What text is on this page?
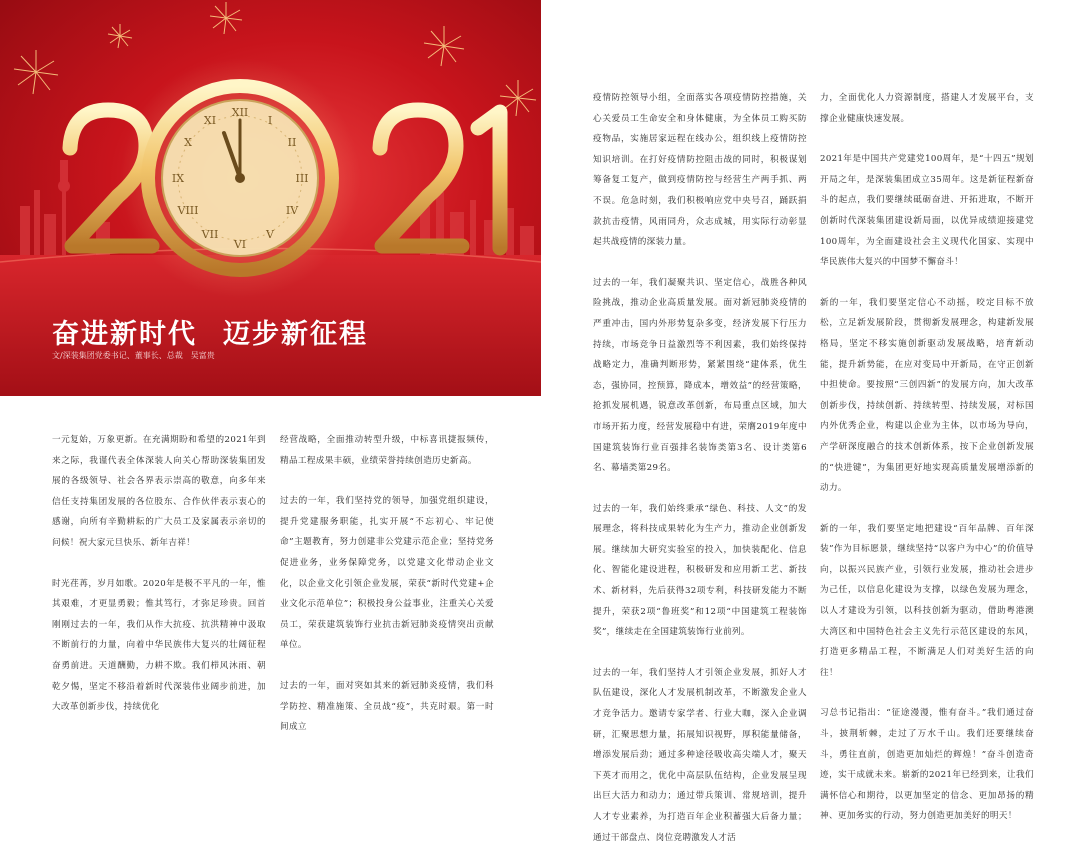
XII
I
II
III
IV
V
VI
VII
VIII
IX
X
XI
奋进新时代 迈步新征程
文/深装集团党委书记、董事长、总裁　吴富贵

一元复始，万象更新。在充满期盼和希望的2021年到来之际，我谨代表全体深装人向关心帮助深装集团发展的各级领导、社会各界表示崇高的敬意，向多年来信任支持集团发展的各位股东、合作伙伴表示衷心的感谢，向所有辛勤耕耘的广大员工及家属表示亲切的问候！祝大家元旦快乐、新年吉祥！

时光荏苒，岁月如歌。2020年是极不平凡的一年，惟其艰难，才更显勇毅；惟其笃行，才弥足珍贵。回首刚刚过去的一年，我们从作大抗疫、抗洪精神中汲取不断前行的力量，向着中华民族伟大复兴的壮阔征程奋勇前进。天道酬勤，力耕不欺。我们栉风沐雨、朝乾夕惕，坚定不移沿着新时代深装伟业阔步前进，加大改革创新步伐，持续优化

经营战略，全面推动转型升级，中标喜讯捷报频传，精品工程成果丰硕，业绩荣誉持续创造历史新高。

过去的一年，我们坚持党的领导，加强党组织建设，提升党建服务职能，扎实开展“不忘初心、牢记使命”主题教育，努力创建非公党建示范企业；坚持党务促进业务，业务保障党务，以党建文化带动企业文化，以企业文化引领企业发展，荣获“新时代党建+企业文化示范单位”；积极投身公益事业，注重关心关爱员工，荣获建筑装饰行业抗击新冠肺炎疫情突出贡献单位。

过去的一年，面对突如其来的新冠肺炎疫情，我们科学防控、精准施策、全员战“疫”，共克时艰。第一时间成立

疫情防控领导小组，全面落实各项疫情防控措施，关心关爱员工生命安全和身体健康，为全体员工购买防疫物品，实施居家远程在线办公，组织线上疫情防控知识培训。在打好疫情防控阻击战的同时，积极谋划筹备复工复产，做到疫情防控与经营生产两手抓、两不误。危急时刻，我们积极响应党中央号召，踊跃捐款抗击疫情，风雨同舟，众志成城，用实际行动彰显起共战疫情的深装力量。

过去的一年，我们凝聚共识、坚定信心，战胜各种风险挑战，推动企业高质量发展。面对新冠肺炎疫情的严重冲击，国内外形势复杂多变，经济发展下行压力持续，市场竞争日益激烈等不利因素，我们始终保持战略定力，准确判断形势，紧紧围绕“建体系，优生态，强协同，控预算，降成本，增效益”的经营策略，抢抓发展机遇，锐意改革创新，布局重点区域，加大市场开拓力度，经营发展稳中有进，荣膺2019年度中国建筑装饰行业百强排名装饰类第3名、设计类第6名、幕墙类第29名。

过去的一年，我们始终秉承“绿色、科技、人文”的发展理念，将科技成果转化为生产力，推动企业创新发展。继续加大研究实验室的投入，加快装配化、信息化、智能化建设进程，积极研发和应用新工艺、新技术、新材料，先后获得32项专利，科技研发能力不断提升，荣获2项“鲁班奖”和12项“中国建筑工程装饰奖”，继续走在全国建筑装饰行业前列。

过去的一年，我们坚持人才引领企业发展，抓好人才队伍建设，深化人才发展机制改革，不断激发企业人才竞争活力。邀请专家学者、行业大咖，深入企业调研，汇聚思想力量，拓展知识视野，厚积能量储备，增添发展后劲；通过多种途径吸收高尖端人才，聚天下英才而用之，优化中高层队伍结构，企业发展呈现出巨大活力和动力；通过带兵策训、常规培训，提升人才专业素养，为打造百年企业积蓄强大后备力量；通过干部盘点、岗位竞聘激发人才活

力，全面优化人力资源制度，搭建人才发展平台，支撑企业健康快速发展。

2021年是中国共产党建党100周年，是“十四五”规划开局之年，是深装集团成立35周年。这是新征程新奋斗的起点，我们要继续砥砺奋进、开拓进取，不断开创新时代深装集团建设新局面，以优异成绩迎接建党100周年，为全面建设社会主义现代化国家、实现中华民族伟大复兴的中国梦不懈奋斗！

新的一年，我们要坚定信心不动摇，咬定目标不放松，立足新发展阶段，贯彻新发展理念，构建新发展格局，坚定不移实施创新驱动发展战略，培育新动能，提升新势能，在应对变局中开新局，在守正创新中担使命。要按照“三创四新”的发展方向，加大改革创新步伐，持续创新、持续转型、持续发展，对标国内外优秀企业，构建以企业为主体，以市场为导向，产学研深度融合的技术创新体系，按下企业创新发展的“快进键”，为集团更好地实现高质量发展增添新的动力。

新的一年，我们要坚定地把建设“百年品牌、百年深装”作为目标愿景，继续坚持“以客户为中心”的价值导向，以振兴民族产业，引领行业发展，推动社会进步为己任，以信息化建设为支撑，以绿色发展为理念，以人才建设为引领，以科技创新为驱动，借助粤港澳大湾区和中国特色社会主义先行示范区建设的东风，打造更多精品工程，不断满足人们对美好生活的向往！

习总书记指出：“征途漫漫，惟有奋斗。”我们通过奋斗，披荆斩棘，走过了万水千山。我们还要继续奋斗，勇往直前，创造更加灿烂的辉煌！”奋斗创造奇迹，实干成就未来。崭新的2021年已经到来，让我们满怀信心和期待，以更加坚定的信念、更加昂扬的精神、更加务实的行动，努力创造更加美好的明天！
